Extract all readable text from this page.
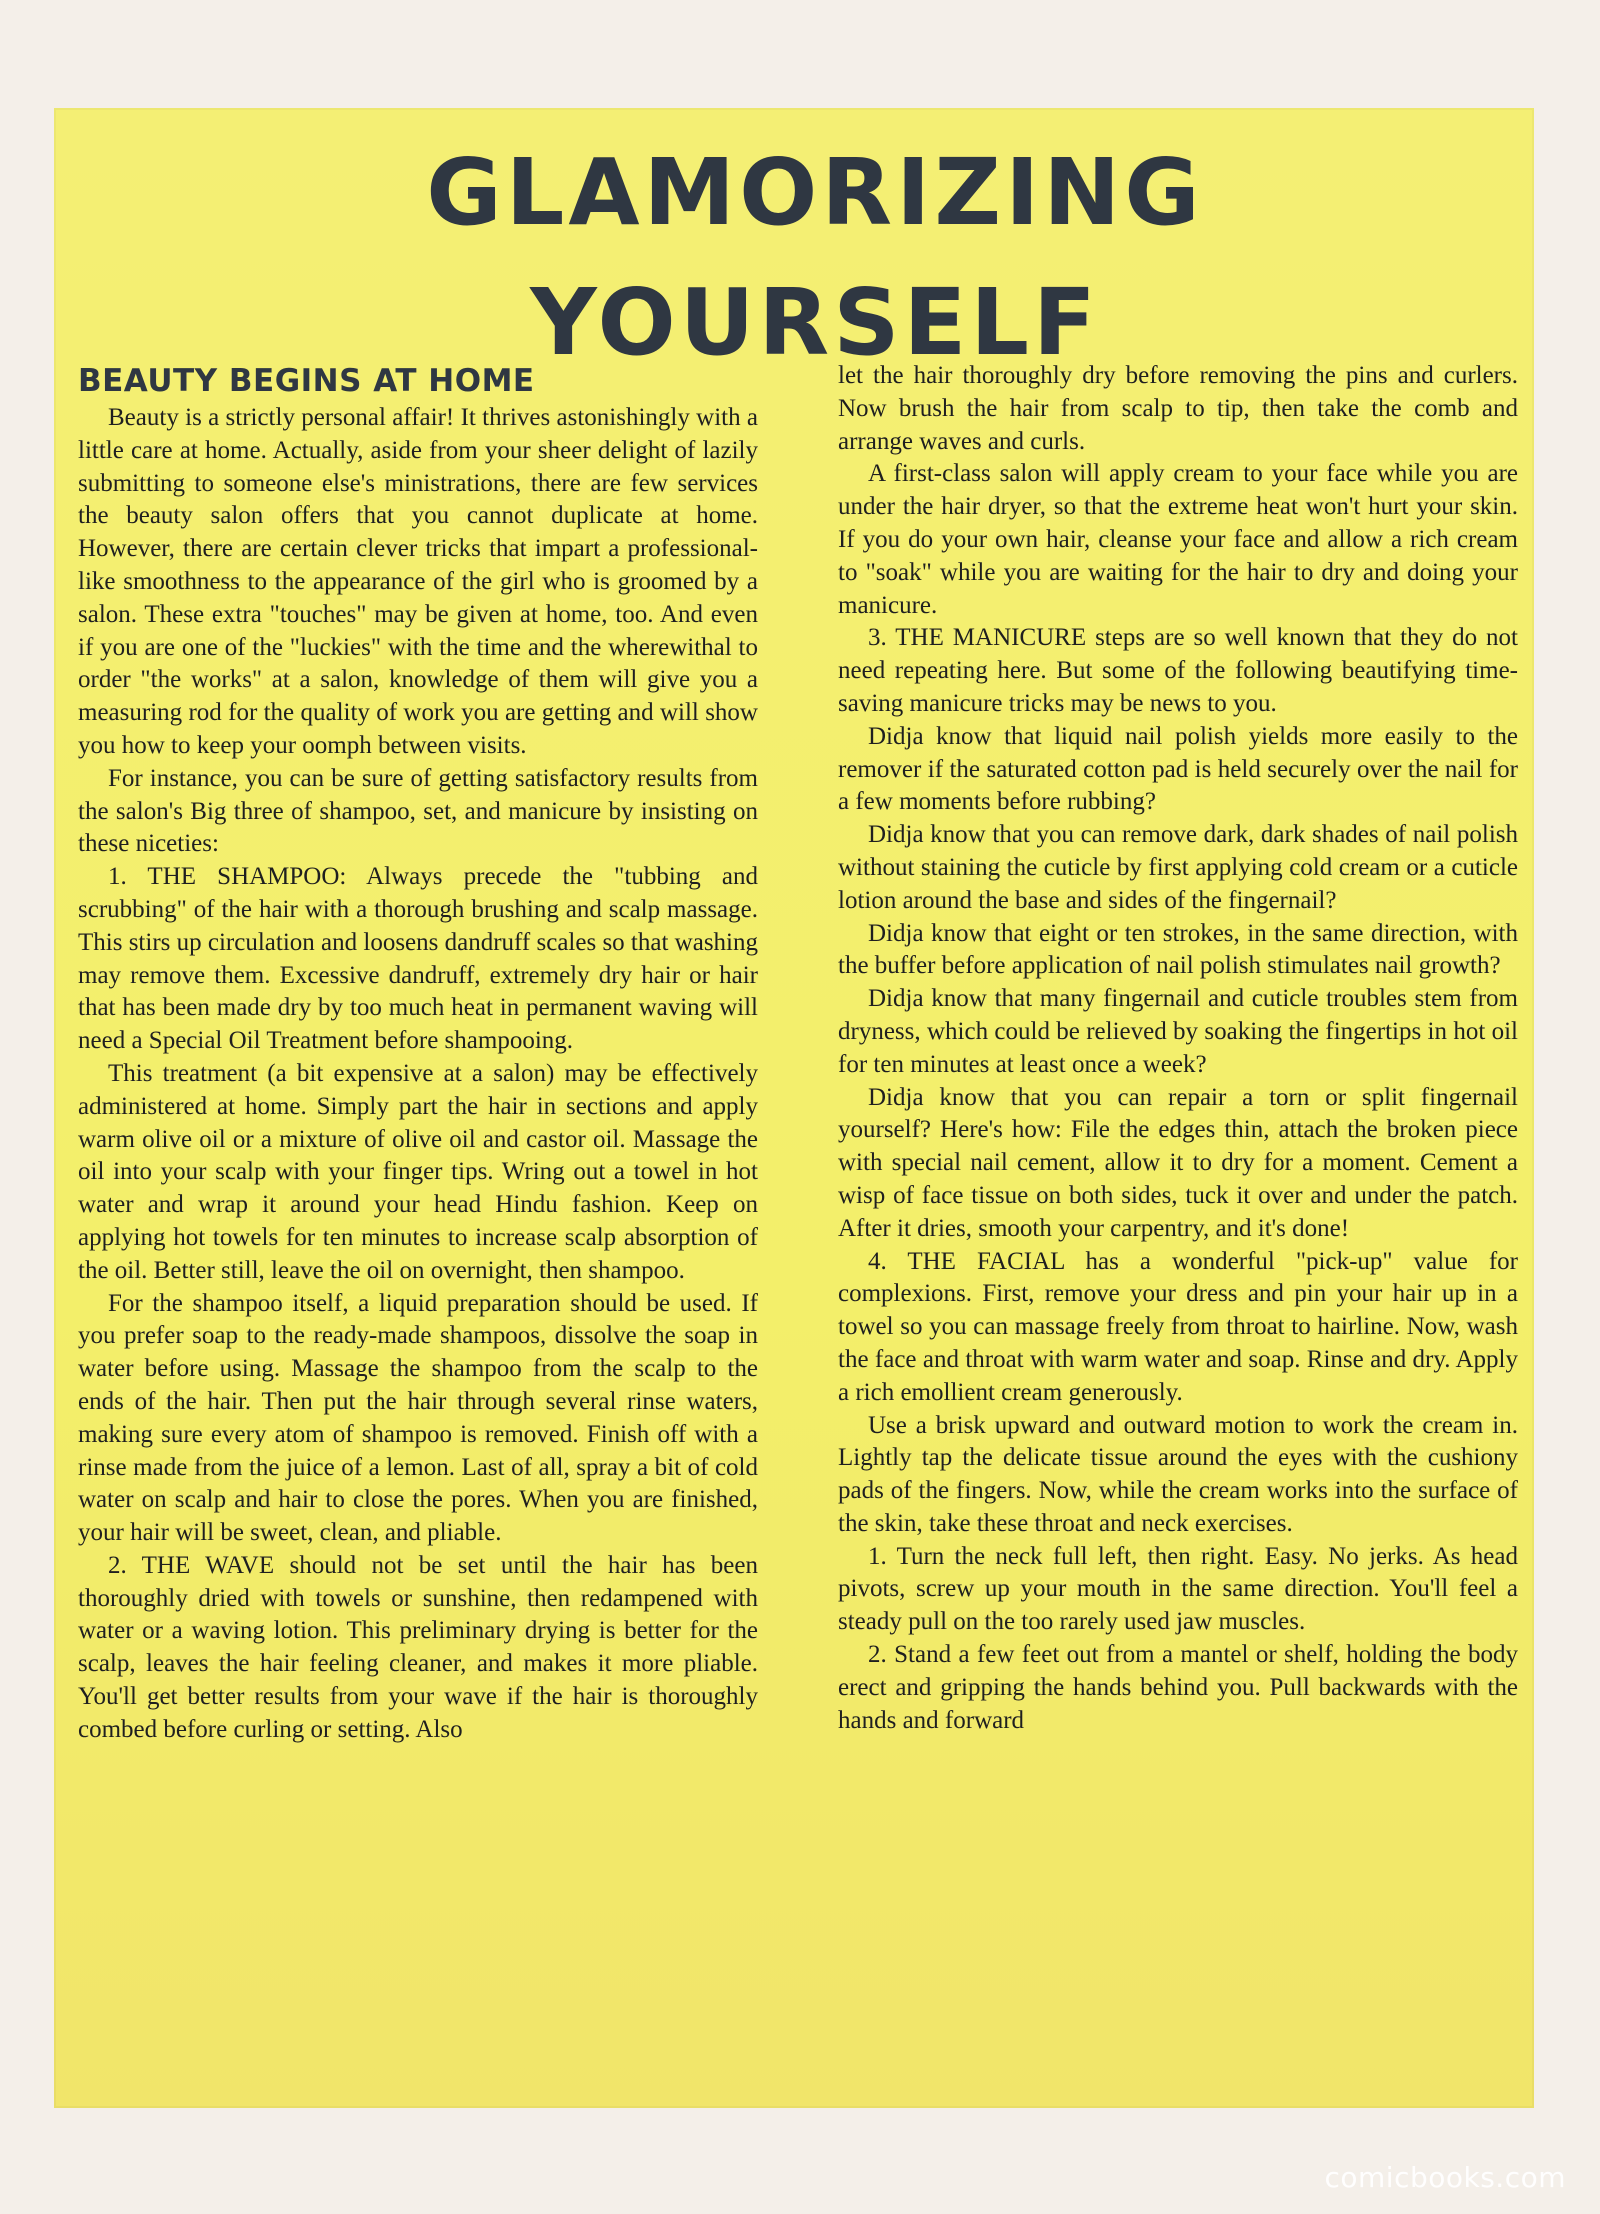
GLAMORIZING YOURSELF
BEAUTY BEGINS AT HOME

Beauty is a strictly personal affair! It thrives astonishingly with a little care at home. Actually, aside from your sheer delight of lazily submitting to someone else's ministrations, there are few services the beauty salon offers that you cannot duplicate at home. However, there are certain clever tricks that impart a professional-like smoothness to the appearance of the girl who is groomed by a salon. These extra "touches" may be given at home, too. And even if you are one of the "luckies" with the time and the wherewithal to order "the works" at a salon, knowledge of them will give you a measuring rod for the quality of work you are getting and will show you how to keep your oomph between visits.

For instance, you can be sure of getting satisfactory results from the salon's Big three of shampoo, set, and manicure by insisting on these niceties:

1. THE SHAMPOO: Always precede the "tubbing and scrubbing" of the hair with a thorough brushing and scalp massage. This stirs up circulation and loosens dandruff scales so that washing may remove them. Excessive dandruff, extremely dry hair or hair that has been made dry by too much heat in permanent waving will need a Special Oil Treatment before shampooing.

This treatment (a bit expensive at a salon) may be effectively administered at home. Simply part the hair in sections and apply warm olive oil or a mixture of olive oil and castor oil. Massage the oil into your scalp with your finger tips. Wring out a towel in hot water and wrap it around your head Hindu fashion. Keep on applying hot towels for ten minutes to increase scalp absorption of the oil. Better still, leave the oil on overnight, then shampoo.

For the shampoo itself, a liquid preparation should be used. If you prefer soap to the ready-made shampoos, dissolve the soap in water before using. Massage the shampoo from the scalp to the ends of the hair. Then put the hair through several rinse waters, making sure every atom of shampoo is removed. Finish off with a rinse made from the juice of a lemon. Last of all, spray a bit of cold water on scalp and hair to close the pores. When you are finished, your hair will be sweet, clean, and pliable.

2. THE WAVE should not be set until the hair has been thoroughly dried with towels or sunshine, then redampened with water or a waving lotion. This preliminary drying is better for the scalp, leaves the hair feeling cleaner, and makes it more pliable. You'll get better results from your wave if the hair is thoroughly combed before curling or setting. Also

let the hair thoroughly dry before removing the pins and curlers. Now brush the hair from scalp to tip, then take the comb and arrange waves and curls.

A first-class salon will apply cream to your face while you are under the hair dryer, so that the extreme heat won't hurt your skin. If you do your own hair, cleanse your face and allow a rich cream to "soak" while you are waiting for the hair to dry and doing your manicure.

3. THE MANICURE steps are so well known that they do not need repeating here. But some of the following beautifying time-saving manicure tricks may be news to you.

Didja know that liquid nail polish yields more easily to the remover if the saturated cotton pad is held securely over the nail for a few moments before rubbing?

Didja know that you can remove dark, dark shades of nail polish without staining the cuticle by first applying cold cream or a cuticle lotion around the base and sides of the fingernail?

Didja know that eight or ten strokes, in the same direction, with the buffer before application of nail polish stimulates nail growth?

Didja know that many fingernail and cuticle troubles stem from dryness, which could be relieved by soaking the fingertips in hot oil for ten minutes at least once a week?

Didja know that you can repair a torn or split fingernail yourself? Here's how: File the edges thin, attach the broken piece with special nail cement, allow it to dry for a moment. Cement a wisp of face tissue on both sides, tuck it over and under the patch. After it dries, smooth your carpentry, and it's done!

4. THE FACIAL has a wonderful "pick-up" value for complexions. First, remove your dress and pin your hair up in a towel so you can massage freely from throat to hairline. Now, wash the face and throat with warm water and soap. Rinse and dry. Apply a rich emollient cream generously.

Use a brisk upward and outward motion to work the cream in. Lightly tap the delicate tissue around the eyes with the cushiony pads of the fingers. Now, while the cream works into the surface of the skin, take these throat and neck exercises.

1. Turn the neck full left, then right. Easy. No jerks. As head pivots, screw up your mouth in the same direction. You'll feel a steady pull on the too rarely used jaw muscles.

2. Stand a few feet out from a mantel or shelf, holding the body erect and gripping the hands behind you. Pull backwards with the hands and forward

comicbooks.com
